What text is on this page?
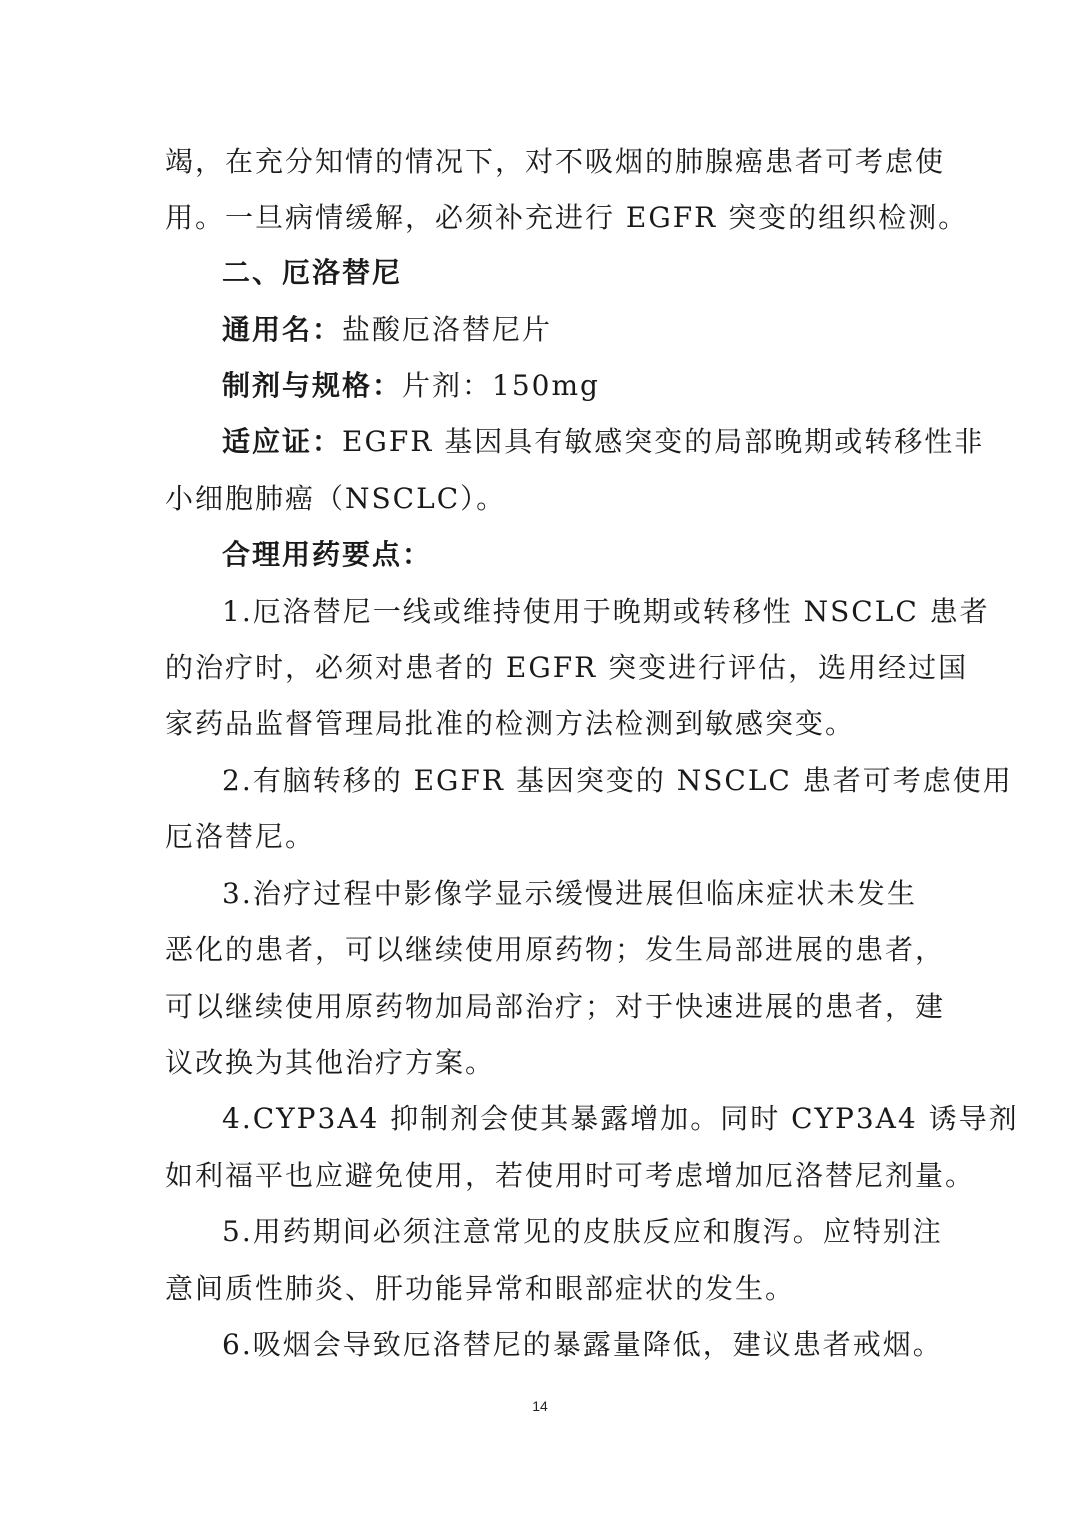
竭，在充分知情的情况下，对不吸烟的肺腺癌患者可考虑使
用。一旦病情缓解，必须补充进行 EGFR 突变的组织检测。
二、厄洛替尼
通用名：盐酸厄洛替尼片
制剂与规格：片剂：150mg
适应证：EGFR 基因具有敏感突变的局部晚期或转移性非
小细胞肺癌（NSCLC）。
合理用药要点：
1.厄洛替尼一线或维持使用于晚期或转移性 NSCLC 患者
的治疗时，必须对患者的 EGFR 突变进行评估，选用经过国
家药品监督管理局批准的检测方法检测到敏感突变。
2.有脑转移的 EGFR 基因突变的 NSCLC 患者可考虑使用
厄洛替尼。
3.治疗过程中影像学显示缓慢进展但临床症状未发生
恶化的患者，可以继续使用原药物；发生局部进展的患者，
可以继续使用原药物加局部治疗；对于快速进展的患者，建
议改换为其他治疗方案。
4.CYP3A4 抑制剂会使其暴露增加。同时 CYP3A4 诱导剂
如利福平也应避免使用，若使用时可考虑增加厄洛替尼剂量。
5.用药期间必须注意常见的皮肤反应和腹泻。应特别注
意间质性肺炎、肝功能异常和眼部症状的发生。
6.吸烟会导致厄洛替尼的暴露量降低，建议患者戒烟。
14
